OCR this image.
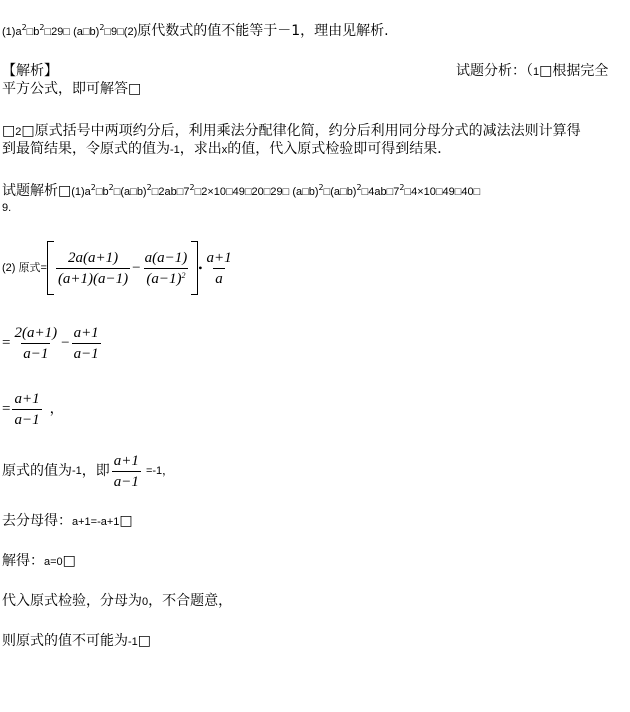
$(1)a^2□b^2□29□$ (a□b)$^2$□9□(2)原代数式的值不能等于－1，理由见解析.
【解析】	试题分析：（1□根据完全
平方公式，即可解答□
□2□原式括号中两项约分后，利用乘法分配律化简，约分后利用同分母分式的减法法则计算得
到最简结果，令原式的值为-1，求出x的值，代入原式检验即可得到结果．
试题解析$□(1)a^2□b^2□(a□b)^2□2ab□7^2□2\times 10□49□20□29□$ $(a□b)^2□(a□b)^2□4ab□7^2□4\times 10□49□40□$
9.
(2) 原式= $\frac{2a(a+1)}{(a+1)(a-1)} - \frac{a(a-1)}{(a-1)^2}$ • $\frac{a+1}{a}$
= $\frac{2(a+1)}{a-1} - \frac{a+1}{a-1}$
= $\frac{a+1}{a-1}$ ，
原式的值为 -1 ，即 $\frac{a+1}{a-1} =-1$，
去分母得：a+1=-a+1□
解得：a=0□
代入原式检验，分母为0，不合题意，
则原式的值不可能为-1□
